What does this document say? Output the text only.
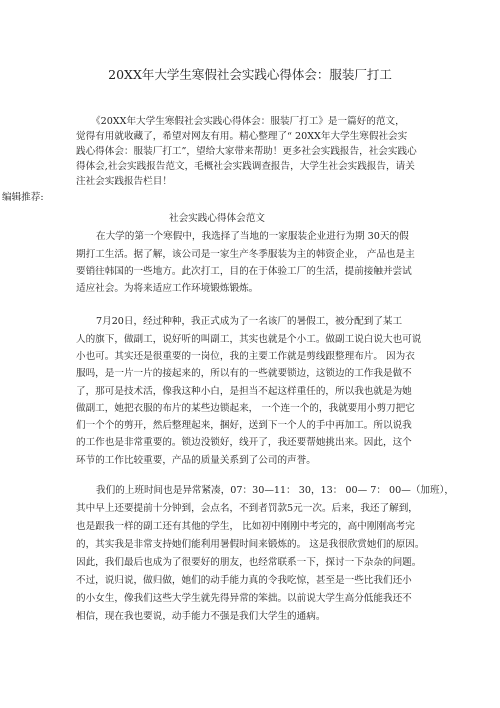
20XX年大学生寒假社会实践心得体会：服装厂打工
《20XX年大学生寒假社会实践心得体会：服装厂打工》是一篇好的范文，
觉得有用就收藏了，希望对网友有用。精心整理了“ 20XX年大学生寒假社会实
践心得体会：服装厂打工”，望给大家带来帮助！更多社会实践报告，社会实践心
得体会,社会实践报告范文，毛概社会实践调查报告，大学生社会实践报告，请关
注社会实践报告栏目！
编辑推荐:
社会实践心得体会范文
在大学的第一个寒假中，我选择了当地的一家服装企业进行为期 30天的假
期打工生活。据了解，该公司是一家生产冬季服装为主的韩资企业， 产品也是主
要销往韩国的一些地方。此次打工，目的在于体验工厂的生活，提前接触并尝试
适应社会。为将来适应工作环境锻炼锻炼。
7月20日，经过种种，我正式成为了一名该厂的暑假工，被分配到了某工
人的旗下，做副工，说好听的叫副工，其实也就是个小工。做副工说白说大也可说
小也可。其实还是很重要的一岗位，我的主要工作就是剪线跟整理布片。 因为衣
服吗，是一片一片的接起来的，所以有的一些就要锁边，这锁边的工作我是做不
了，那可是技术活，像我这种小白，是担当不起这样重任的，所以我也就是为她
做副工，她把衣服的布片的某些边锁起来， 一个连一个的，我就要用小剪刀把它
们一个个的剪开，然后整理起来，捆好，送到下一个人的手中再加工。所以说我
的工作也是非常重要的。锁边没锁好，线开了，我还要帮她挑出来。因此，这个
环节的工作比较重要，产品的质量关系到了公司的声誉。
我们的上班时间也是异常紧凑，07：30—11： 30，13： 00— 7： 00—（加班），
其中早上还要提前十分钟到，会点名，不到者罚款5元一次。后来，我还了解到，
也是跟我一样的副工还有其他的学生， 比如初中刚刚中考完的，高中刚刚高考完
的，其实我是非常支持她们能利用暑假时间来锻炼的。 这是我很欣赏她们的原因。
因此，我们最后也成为了很要好的朋友，也经常联系一下，探讨一下杂杂的问题。
不过，说归说，做归做，她们的动手能力真的令我吃惊，甚至是一些比我们还小
的小女生，像我们这些大学生就先得异常的笨拙。以前说大学生高分低能我还不
相信，现在我也要说，动手能力不强是我们大学生的通病。
